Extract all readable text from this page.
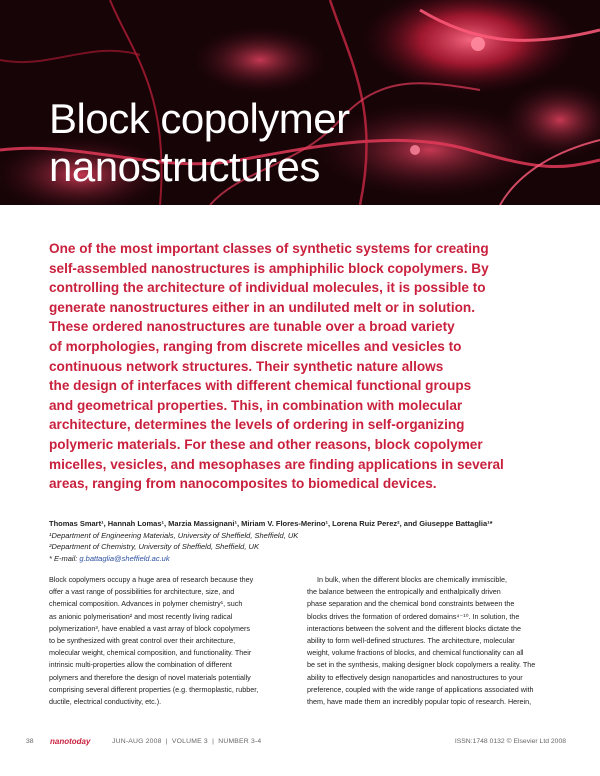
Block copolymer
nanostructures
One of the most important classes of synthetic systems for creating
self-assembled nanostructures is amphiphilic block copolymers. By
controlling the architecture of individual molecules, it is possible to
generate nanostructures either in an undiluted melt or in solution.
These ordered nanostructures are tunable over a broad variety
of morphologies, ranging from discrete micelles and vesicles to
continuous network structures. Their synthetic nature allows
the design of interfaces with different chemical functional groups
and geometrical properties. This, in combination with molecular
architecture, determines the levels of ordering in self-organizing
polymeric materials. For these and other reasons, block copolymer
micelles, vesicles, and mesophases are finding applications in several
areas, ranging from nanocomposites to biomedical devices.
Thomas Smart¹, Hannah Lomas¹, Marzia Massignani¹, Miriam V. Flores-Merino¹, Lorena Ruiz Perez², and Giuseppe Battaglia¹*
¹Department of Engineering Materials, University of Sheffield, Sheffield, UK
²Department of Chemistry, University of Sheffield, Sheffield, UK
* E-mail: g.battaglia@sheffield.ac.uk
Block copolymers occupy a huge area of research because they
offer a vast range of possibilities for architecture, size, and
chemical composition. Advances in polymer chemistry¹, such
as anionic polymerisation² and most recently living radical
polymerization³, have enabled a vast array of block copolymers
to be synthesized with great control over their architecture,
molecular weight, chemical composition, and functionality. Their
intrinsic multi-properties allow the combination of different
polymers and therefore the design of novel materials potentially
comprising several different properties (e.g. thermoplastic, rubber,
ductile, electrical conductivity, etc.).
In bulk, when the different blocks are chemically immiscible,
the balance between the entropically and enthalpically driven
phase separation and the chemical bond constraints between the
blocks drives the formation of ordered domains⁴⁻¹⁰. In solution, the
interactions between the solvent and the different blocks dictate the
ability to form well-defined structures. The architecture, molecular
weight, volume fractions of blocks, and chemical functionality can all
be set in the synthesis, making designer block copolymers a reality. The
ability to effectively design nanoparticles and nanostructures to your
preference, coupled with the wide range of applications associated with
them, have made them an incredibly popular topic of research. Herein,
38 nanotoday	JUN-AUG 2008  |  VOLUME 3  |  NUMBER 3-4	ISSN:1748 0132 © Elsevier Ltd 2008
